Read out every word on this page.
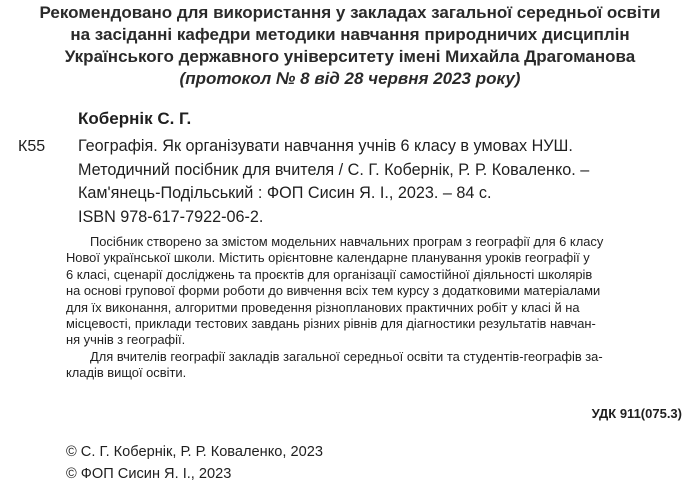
Рекомендовано для використання у закладах загальної середньої освіти
на засіданні кафедри методики навчання природничих дисциплін
Українського державного університету імені Михайла Драгоманова
(протокол № 8 від 28 червня 2023 року)
Кобернік С. Г.
К55 Географія. Як організувати навчання учнів 6 класу в умовах НУШ.
Методичний посібник для вчителя / С. Г. Кобернік, Р. Р. Коваленко. –
Кам'янець-Подільський : ФОП Сисин Я. І., 2023. – 84 с.
ISBN 978-617-7922-06-2.
Посібник створено за змістом модельних навчальних програм з географії для 6 класу
Нової української школи. Містить орієнтовне календарне планування уроків географії у
6 класі, сценарії досліджень та проєктів для організації самостійної діяльності школярів
на основі групової форми роботи до вивчення всіх тем курсу з додатковими матеріалами
для їх виконання, алгоритми проведення різнопланових практичних робіт у класі й на
місцевості, приклади тестових завдань різних рівнів для діагностики результатів навчан-
ня учнів з географії.
Для вчителів географії закладів загальної середньої освіти та студентів-географів за-
кладів вищої освіти.
УДК 911(075.3)
© С. Г. Кобернік, Р. Р. Коваленко, 2023
© ФОП Сисин Я. І., 2023
